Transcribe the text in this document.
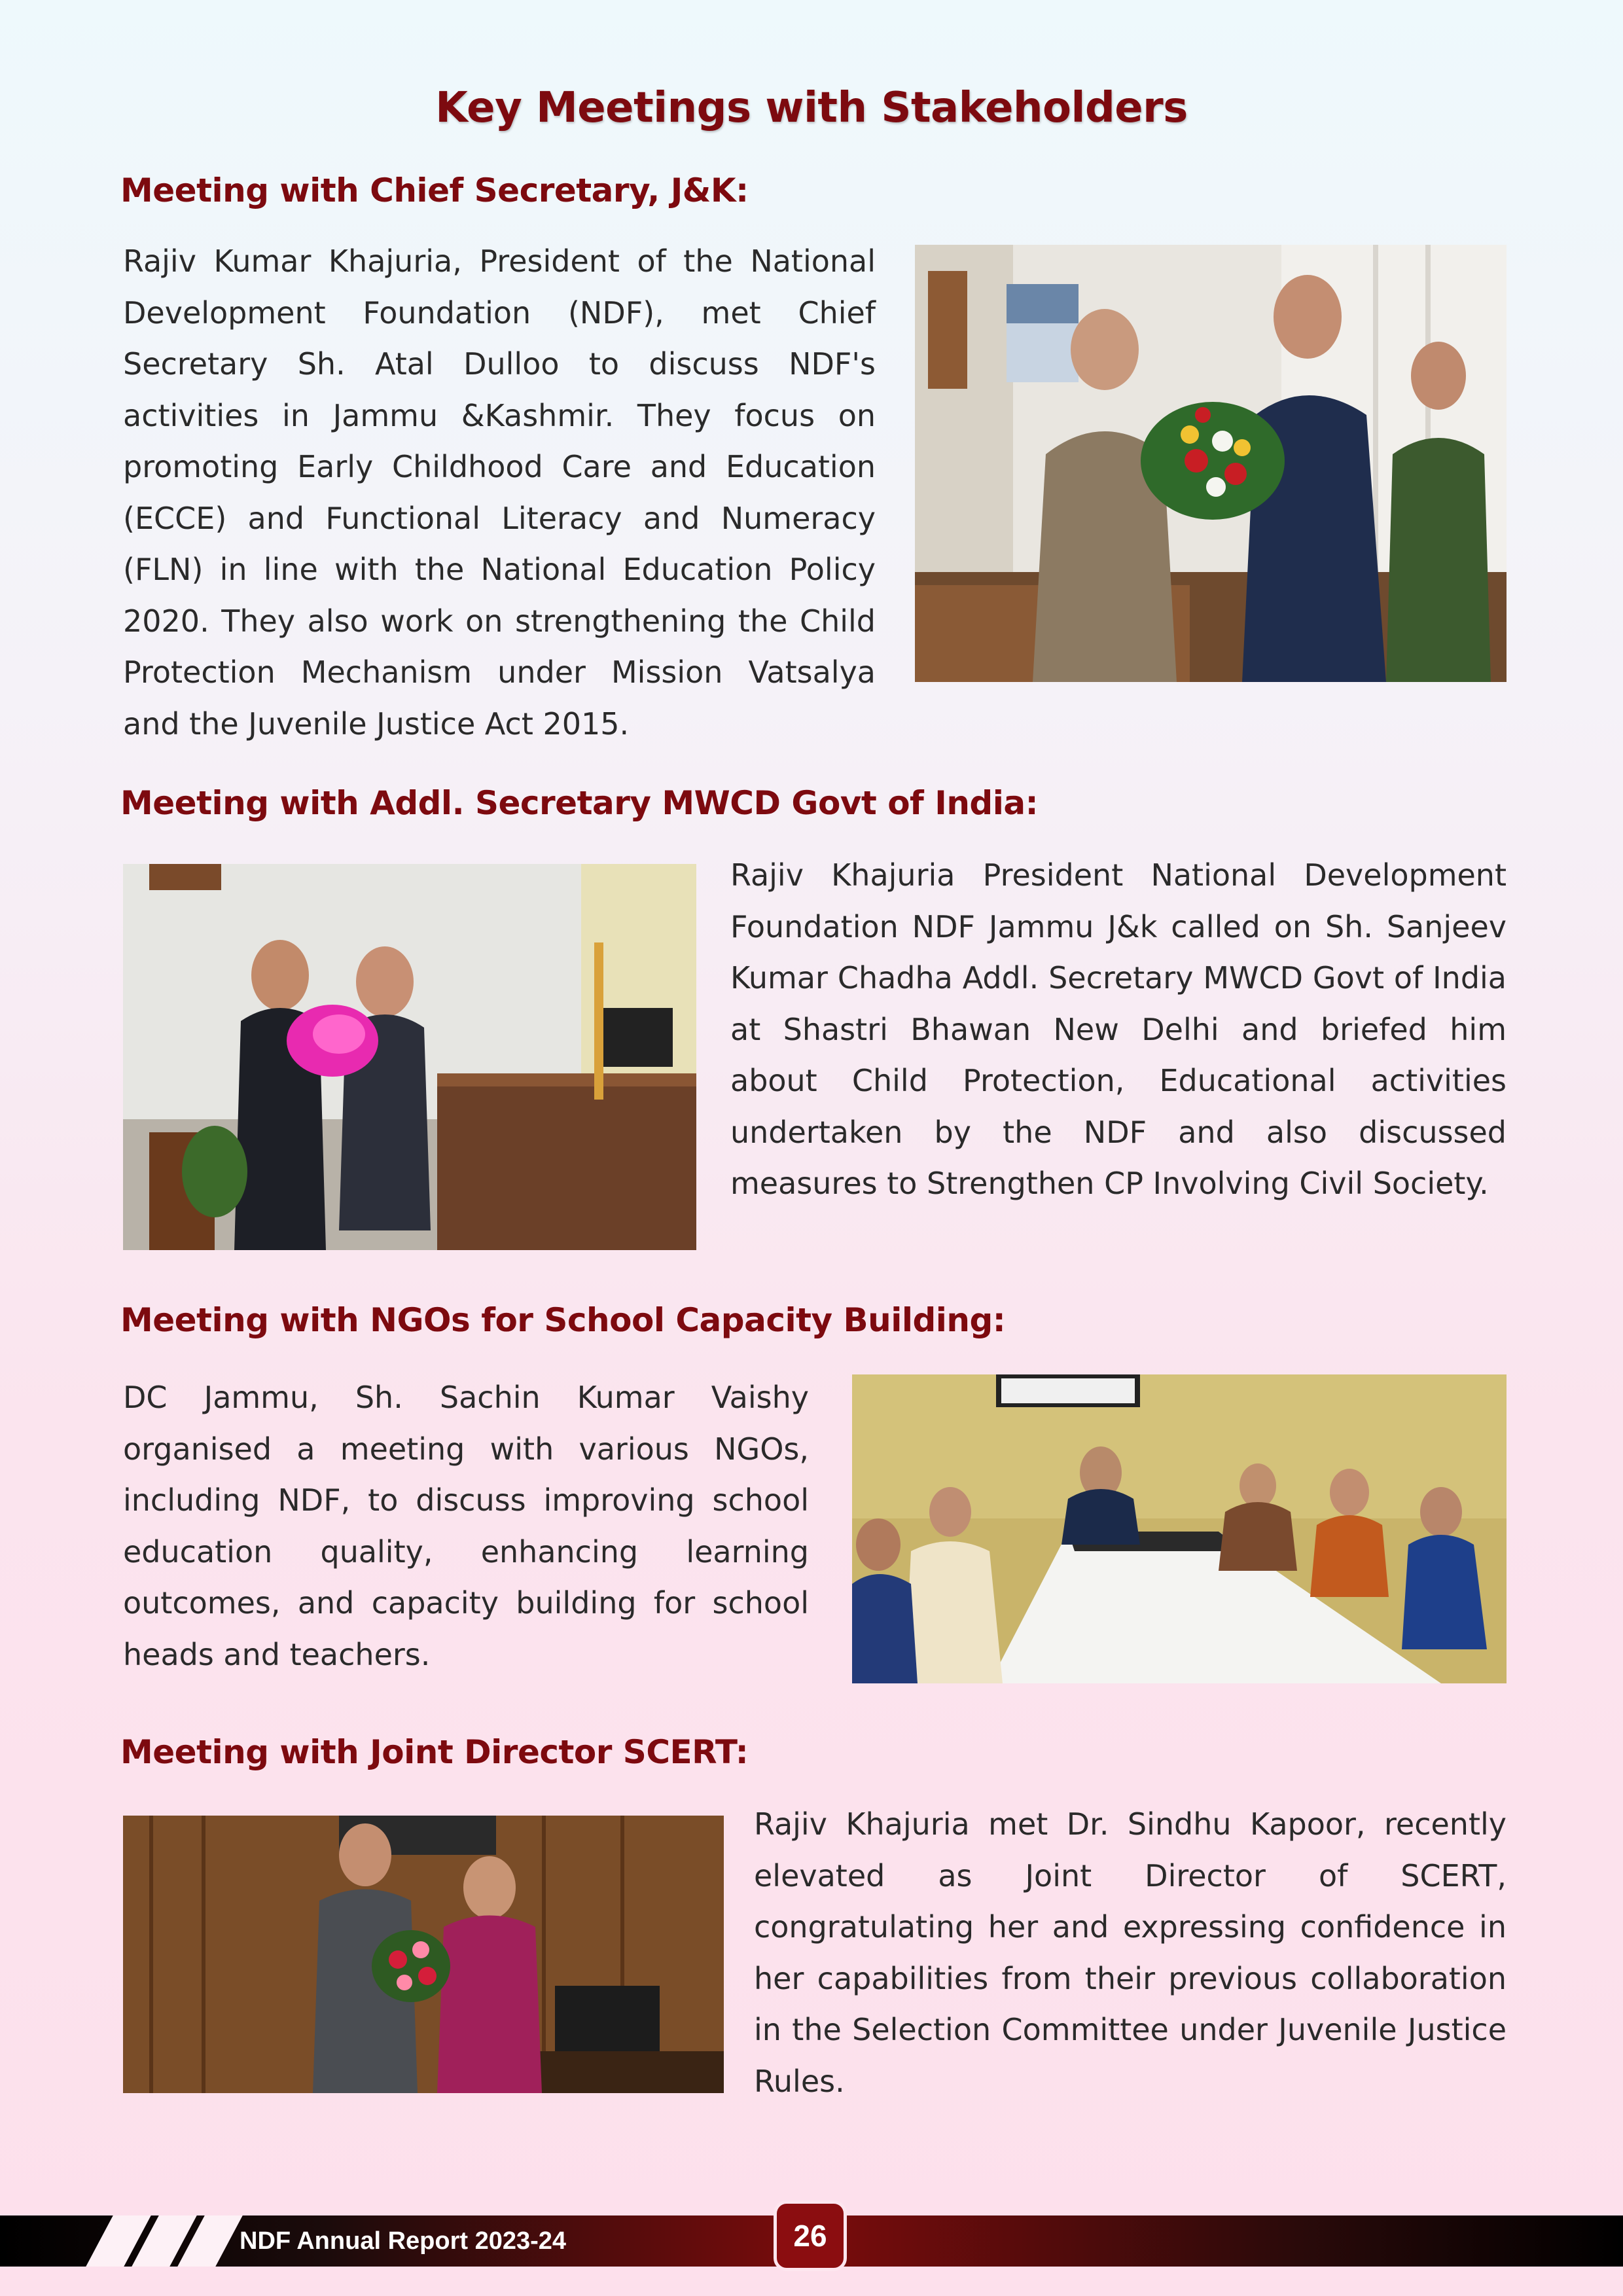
Key Meetings with Stakeholders
Meeting with Chief Secretary, J&K:

Rajiv Kumar Khajuria, President of the National Development Foundation (NDF), met Chief Secretary Sh. Atal Dulloo to discuss NDF's activities in Jammu &Kashmir. They focus on promoting Early Childhood Care and Education (ECCE) and Functional Literacy and Numeracy (FLN) in line with the National Education Policy 2020. They also work on strengthening the Child Protection Mechanism under Mission Vatsalya and the Juvenile Justice Act 2015.

Meeting with Addl. Secretary MWCD Govt of India:

Rajiv Khajuria President National Development Foundation NDF Jammu J&k called on Sh. Sanjeev Kumar Chadha Addl. Secretary MWCD Govt of India at Shastri Bhawan New Delhi and briefed him about Child Protection, Educational activities undertaken by the NDF and also discussed measures to Strengthen CP Involving Civil Society.

Meeting with NGOs for School Capacity Building:

DC Jammu, Sh. Sachin Kumar Vaishy organised a meeting with various NGOs, including NDF, to discuss improving school education quality, enhancing learning outcomes, and capacity building for school heads and teachers.

Meeting with Joint Director SCERT:

Rajiv Khajuria met Dr. Sindhu Kapoor, recently elevated as Joint Director of SCERT, congratulating her and expressing confidence in her capabilities from their previous collaboration in the Selection Committee under Juvenile Justice Rules.

NDF Annual Report 2023-24	26
